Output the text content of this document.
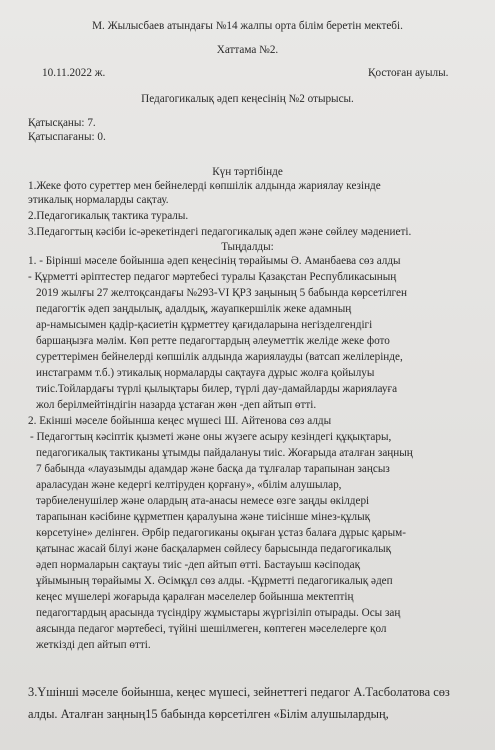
М. Жылысбаев атындағы №14 жалпы орта білім беретін мектебі.
Хаттама №2.
10.11.2022 ж.	Қостоған ауылы.
Педагогикалық әдеп кеңесінің №2 отырысы.
Қатысқаны: 7.
Қатыспағаны: 0.
Күн тәртібінде
1.Жеке фото суреттер мен бейнелерді көпшілік алдында жариялау кезінде
этикалық нормаларды сақтау.
2.Педагогикалық тактика туралы.
3.Педагогтың кәсіби іс-әрекетіндегі педагогикалық әдеп және сөйлеу мәдениеті.
Тыңдалды:
1. - Бірінші мәселе бойынша әдеп кеңесінің төрайымы Ә. Аманбаева сөз алды
- Құрметті әріптестер педагог мәртебесі туралы Қазақстан Республикасының
2019 жылғы 27 желтоқсандағы №293-VІ ҚРЗ заңының 5 бабында көрсетілген
педагогтік әдеп заңдылық, адалдық, жауапкершілік жеке адамның
ар-намысымен қадір-қасиетін құрметтеу қағидаларына негізделгендігі
баршаңызға мәлім. Көп ретте педагогтардың әлеуметтік желіде жеке фото
суреттерімен бейнелерді көпшілік алдында жариялауды (ватсап желілерінде,
инстаграмм т.б.) этикалық нормаларды сақтауға дұрыс жолға қойылуы
тиіс.Тойлардағы түрлі қылықтары билер, түрлі дау-дамайларды жариялауға
жол берілмейтіндігін назарда ұстаған жөн -деп айтып өтті.
2. Екінші мәселе бойынша кеңес мүшесі Ш. Айтенова сөз алды
- Педагогтың кәсіптік қызметі және оны жүзеге асыру кезіндегі құқықтары,
педагогикалық тактиканы ұтымды пайдалануы тиіс. Жоғарыда аталған заңның
7 бабында «лауазымды адамдар және басқа да тұлғалар тарапынан заңсыз
араласудан және кедергі келтіруден қорғану», «білім алушылар,
тәрбиеленушілер және олардың ата-анасы немесе өзге заңды өкілдері
тарапынан кәсібине құрметпен қаралуына және тиісінше мінез-құлық
көрсетуіне» делінген. Әрбір педагогиканы оқыған ұстаз балаға дұрыс қарым-
қатынас жасай білуі және басқалармен сөйлесу барысында педагогикалық
әдеп нормаларын сақтауы тиіс -деп айтып өтті. Бастауыш кәсіподақ
ұйымының төрайымы Х. Әсімқұл сөз алды. -Құрметті педагогикалық әдеп
кеңес мүшелері жоғарыда қаралған мәселелер бойынша мектептің
педагогтардың арасында түсіндіру жұмыстары жүргізіліп отырады. Осы заң
аясында педагог мәртебесі, түйіні шешілмеген, көптеген мәселелерге қол
жеткізді деп айтып өтті.
3.Үшінші мәселе бойынша, кеңес мүшесі, зейнеттегі педагог А.Тасболатова сөз
алды. Аталған заңның15 бабында көрсетілген «Білім алушылардың,
